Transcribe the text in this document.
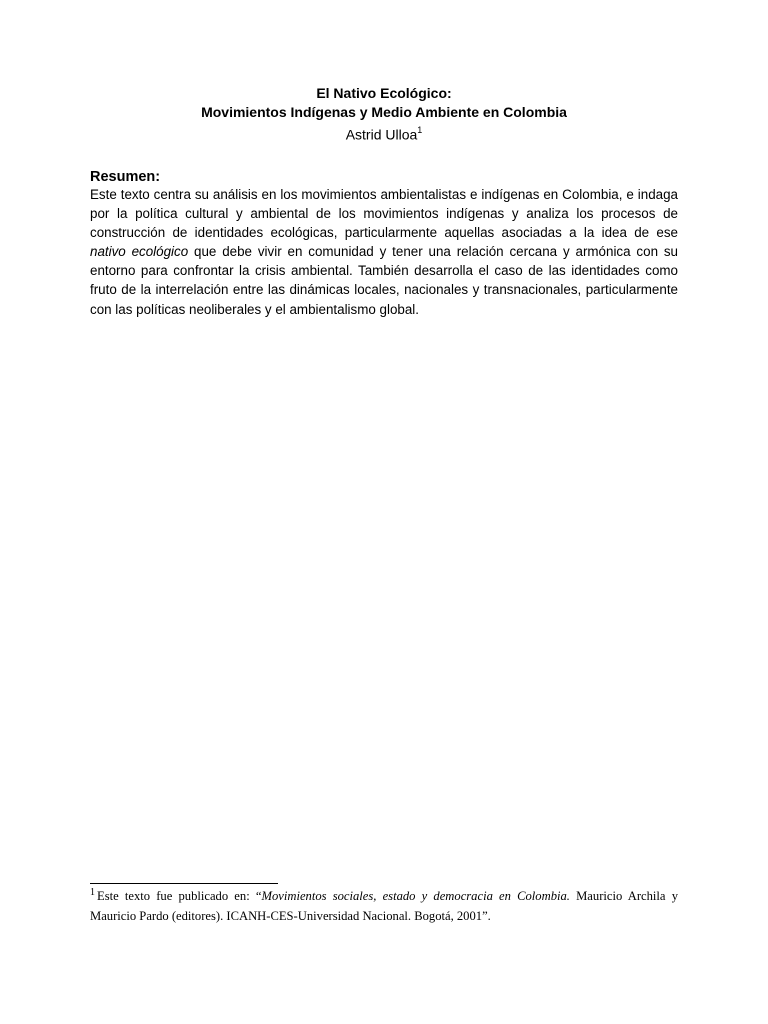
El Nativo Ecológico:
Movimientos Indígenas y Medio Ambiente en Colombia
Astrid Ulloa$^1$
Resumen:
Este texto centra su análisis en los movimientos ambientalistas e indígenas en Colombia, e indaga por la política cultural y ambiental de los movimientos indígenas y analiza los procesos de construcción de identidades ecológicas, particularmente aquellas asociadas a la idea de ese nativo ecológico que debe vivir en comunidad y tener una relación cercana y armónica con su entorno para confrontar la crisis ambiental. También desarrolla el caso de las identidades como fruto de la interrelación entre las dinámicas locales, nacionales y transnacionales, particularmente con las políticas neoliberales y el ambientalismo global.
$^1$ Este texto fue publicado en: “Movimientos sociales, estado y democracia en Colombia. Mauricio Archila y Mauricio Pardo (editores). ICANH-CES-Universidad Nacional. Bogotá, 2001”.
